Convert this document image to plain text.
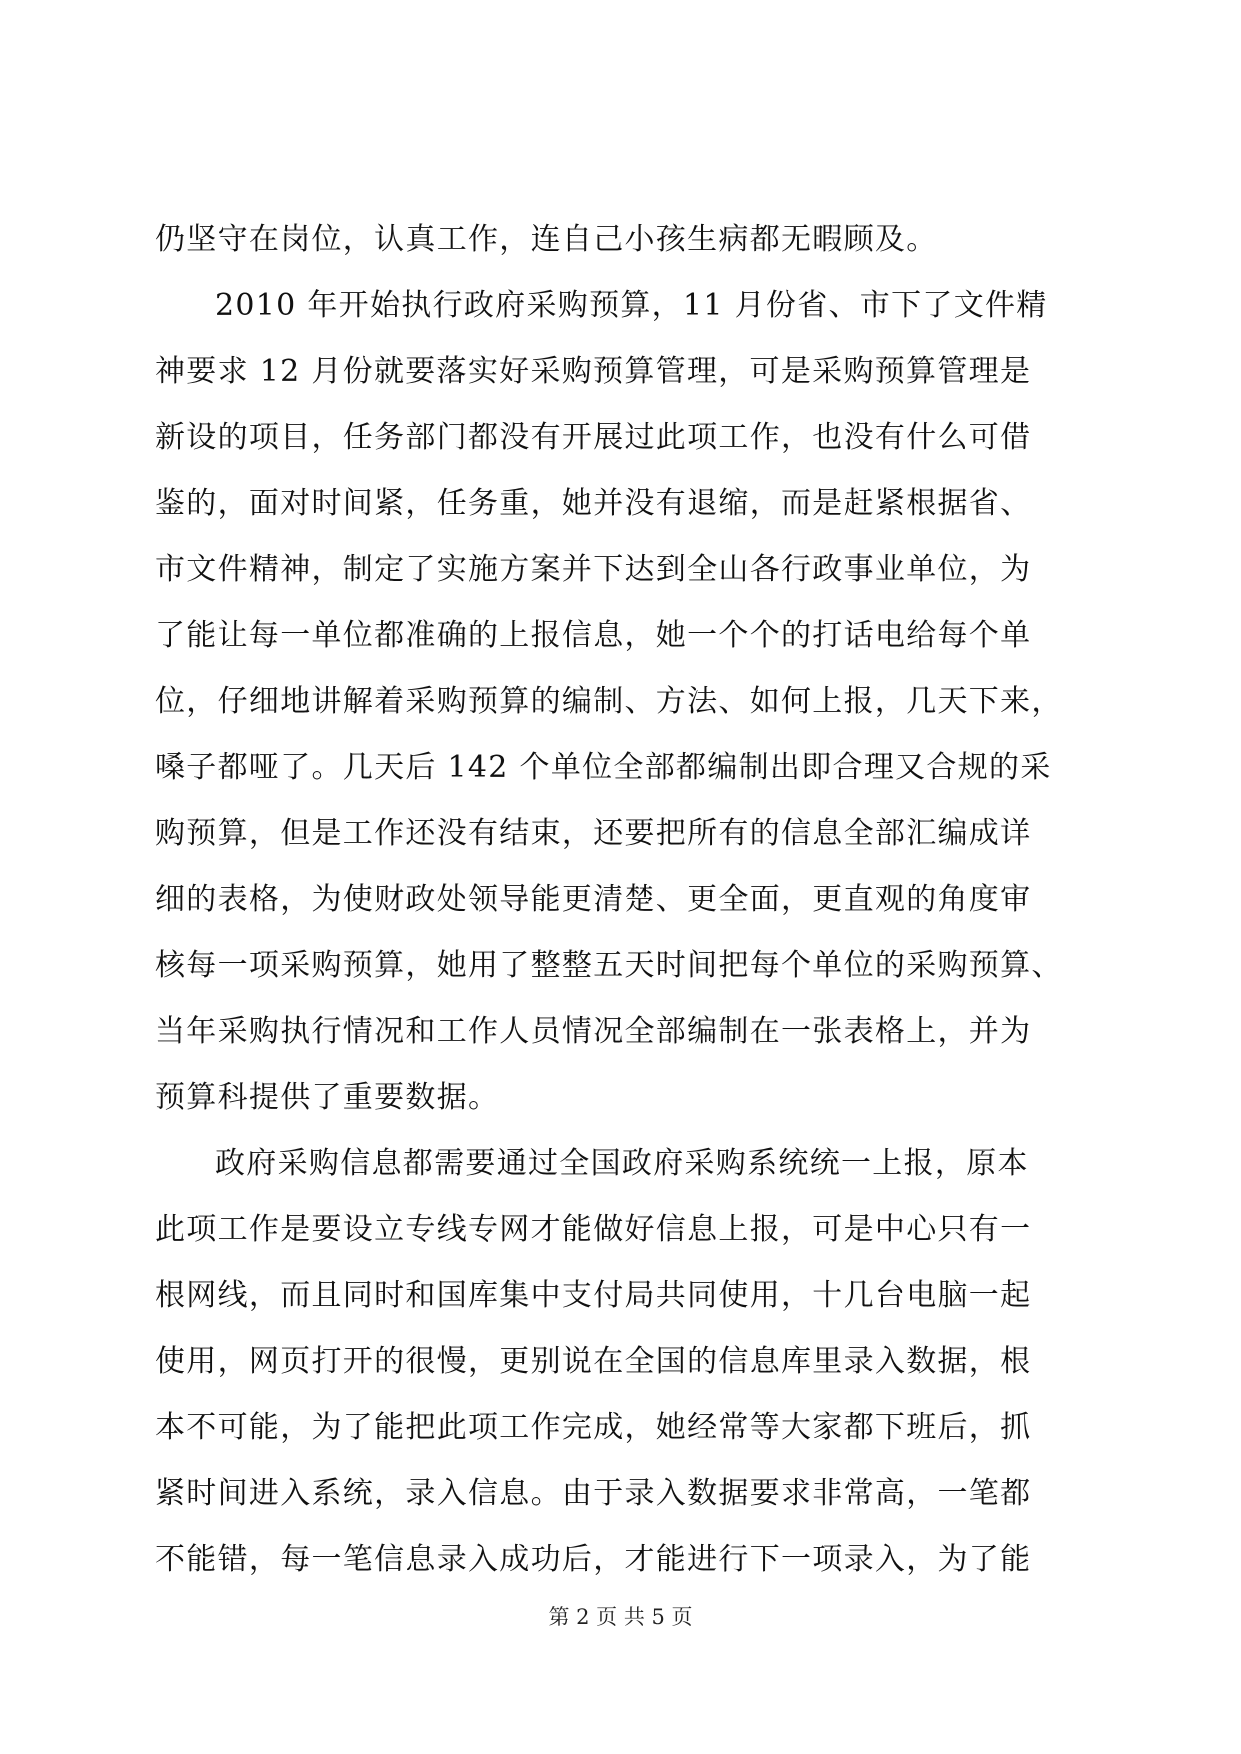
仍坚守在岗位，认真工作，连自己小孩生病都无暇顾及。
2010 年开始执行政府采购预算，11 月份省、市下了文件精
神要求 12 月份就要落实好采购预算管理，可是采购预算管理是
新设的项目，任务部门都没有开展过此项工作，也没有什么可借
鉴的，面对时间紧，任务重，她并没有退缩，而是赶紧根据省、
市文件精神，制定了实施方案并下达到全山各行政事业单位，为
了能让每一单位都准确的上报信息，她一个个的打话电给每个单
位，仔细地讲解着采购预算的编制、方法、如何上报，几天下来，
嗓子都哑了。几天后 142 个单位全部都编制出即合理又合规的采
购预算，但是工作还没有结束，还要把所有的信息全部汇编成详
细的表格，为使财政处领导能更清楚、更全面，更直观的角度审
核每一项采购预算，她用了整整五天时间把每个单位的采购预算、
当年采购执行情况和工作人员情况全部编制在一张表格上，并为
预算科提供了重要数据。
政府采购信息都需要通过全国政府采购系统统一上报，原本
此项工作是要设立专线专网才能做好信息上报，可是中心只有一
根网线，而且同时和国库集中支付局共同使用，十几台电脑一起
使用，网页打开的很慢，更别说在全国的信息库里录入数据，根
本不可能，为了能把此项工作完成，她经常等大家都下班后，抓
紧时间进入系统，录入信息。由于录入数据要求非常高，一笔都
不能错，每一笔信息录入成功后，才能进行下一项录入，为了能
第 2 页 共 5 页
